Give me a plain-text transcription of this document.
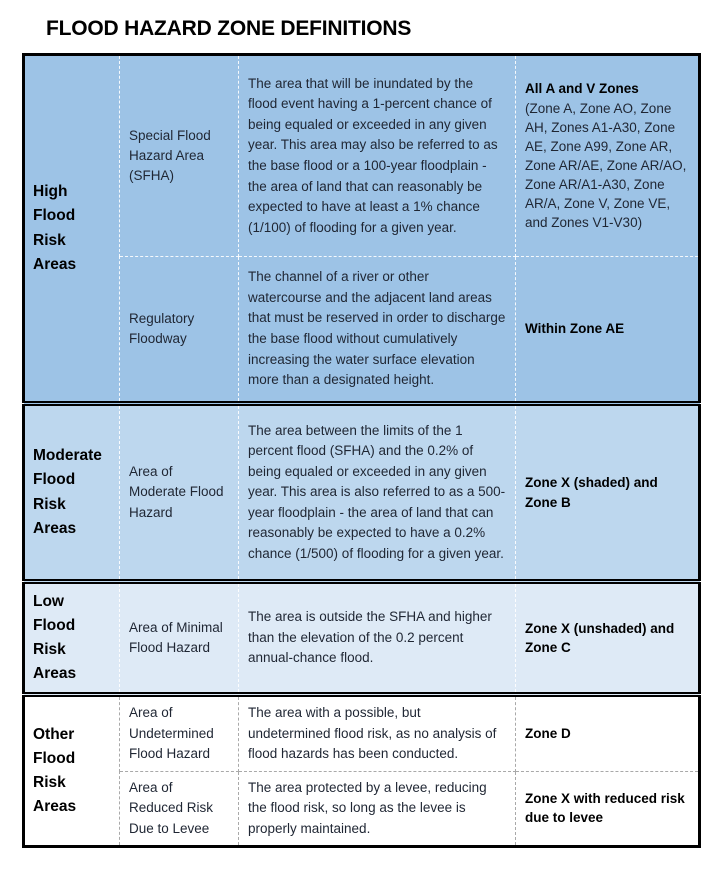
FLOOD HAZARD ZONE DEFINITIONS
High Flood Risk Areas	Special Flood Hazard Area (SFHA)	The area that will be inundated by the flood event having a 1-percent chance of being equaled or exceeded in any given year. This area may also be referred to as the base flood or a 100-year floodplain - the area of land that can reasonably be expected to have at least a 1% chance (1/100) of flooding for a given year.	All A and V Zones
(Zone A, Zone AO, Zone AH, Zones A1-A30, Zone AE, Zone A99, Zone AR, Zone AR/AE, Zone AR/AO, Zone AR/A1-A30, Zone AR/A, Zone V, Zone VE, and Zones V1-V30)

	Regulatory Floodway	The channel of a river or other watercourse and the adjacent land areas that must be reserved in order to discharge the base flood without cumulatively increasing the water surface elevation more than a designated height.	Within Zone AE
Moderate Flood Risk Areas	Area of Moderate Flood Hazard	The area between the limits of the 1 percent flood (SFHA) and the 0.2% of being equaled or exceeded in any given year. This area is also referred to as a 500-year floodplain - the area of land that can reasonably be expected to have a 0.2% chance (1/500) of flooding for a given year.	Zone X (shaded) and Zone B
Low Flood Risk Areas	Area of Minimal Flood Hazard	The area is outside the SFHA and higher than the elevation of the 0.2 percent annual-chance flood.	Zone X (unshaded) and Zone C
Other Flood Risk Areas	Area of Undetermined Flood Hazard	The area with a possible, but undetermined flood risk, as no analysis of flood hazards has been conducted.	Zone D
	Area of Reduced Risk Due to Levee	The area protected by a levee, reducing the flood risk, so long as the levee is properly maintained.	Zone X with reduced risk due to levee
